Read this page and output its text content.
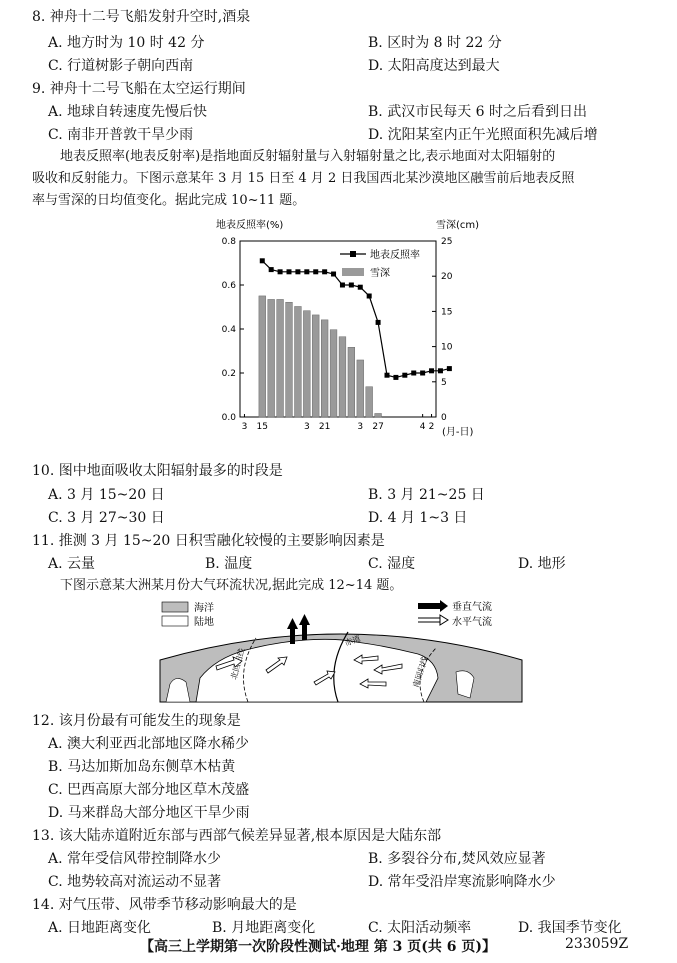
8. 神舟十二号飞船发射升空时,酒泉
A. 地方时为 10 时 42 分	B. 区时为 8 时 22 分
C. 行道树影子朝向西南	D. 太阳高度达到最大
9. 神舟十二号飞船在太空运行期间
A. 地球自转速度先慢后快	B. 武汉市民每天 6 时之后看到日出
C. 南非开普敦干旱少雨	D. 沈阳某室内正午光照面积先减后增
地表反照率(地表反射率)是指地面反射辐射量与入射辐射量之比,表示地面对太阳辐射的
吸收和反射能力。下图示意某年 3 月 15 日至 4 月 2 日我国西北某沙漠地区融雪前后地表反照
率与雪深的日均值变化。据此完成 10~11 题。
地表反照率(%)	雪深(cm)
0.0
0.2
0.4
0.6
0.8
0
5
10
15
20
25
3 15	3 21	3 27	4 2
地表反照率
雪深
(月-日)
10. 图中地面吸收太阳辐射最多的时段是
A. 3 月 15~20 日	B. 3 月 21~25 日
C. 3 月 27~30 日	D. 4 月 1~3 日
11. 推测 3 月 15~20 日积雪融化较慢的主要影响因素是
A. 云量	B. 温度	C. 湿度	D. 地形
下图示意某大洲某月份大气环流状况,据此完成 12~14 题。
海洋
陆地
垂直气流
水平气流
赤道
南回归线
12. 该月份最有可能发生的现象是
A. 澳大利亚西北部地区降水稀少
B. 马达加斯加岛东侧草木枯黄
C. 巴西高原大部分地区草木茂盛
D. 马来群岛大部分地区干旱少雨
13. 该大陆赤道附近东部与西部气候差异显著,根本原因是大陆东部
A. 常年受信风带控制降水少	B. 多裂谷分布,焚风效应显著
C. 地势较高对流运动不显著	D. 常年受沿岸寒流影响降水少
14. 对气压带、风带季节移动影响最大的是
A. 日地距离变化	B. 月地距离变化	C. 太阳活动频率	D. 我国季节变化
【高三上学期第一次阶段性测试·地理 第 3 页(共 6 页)】	233059Z
